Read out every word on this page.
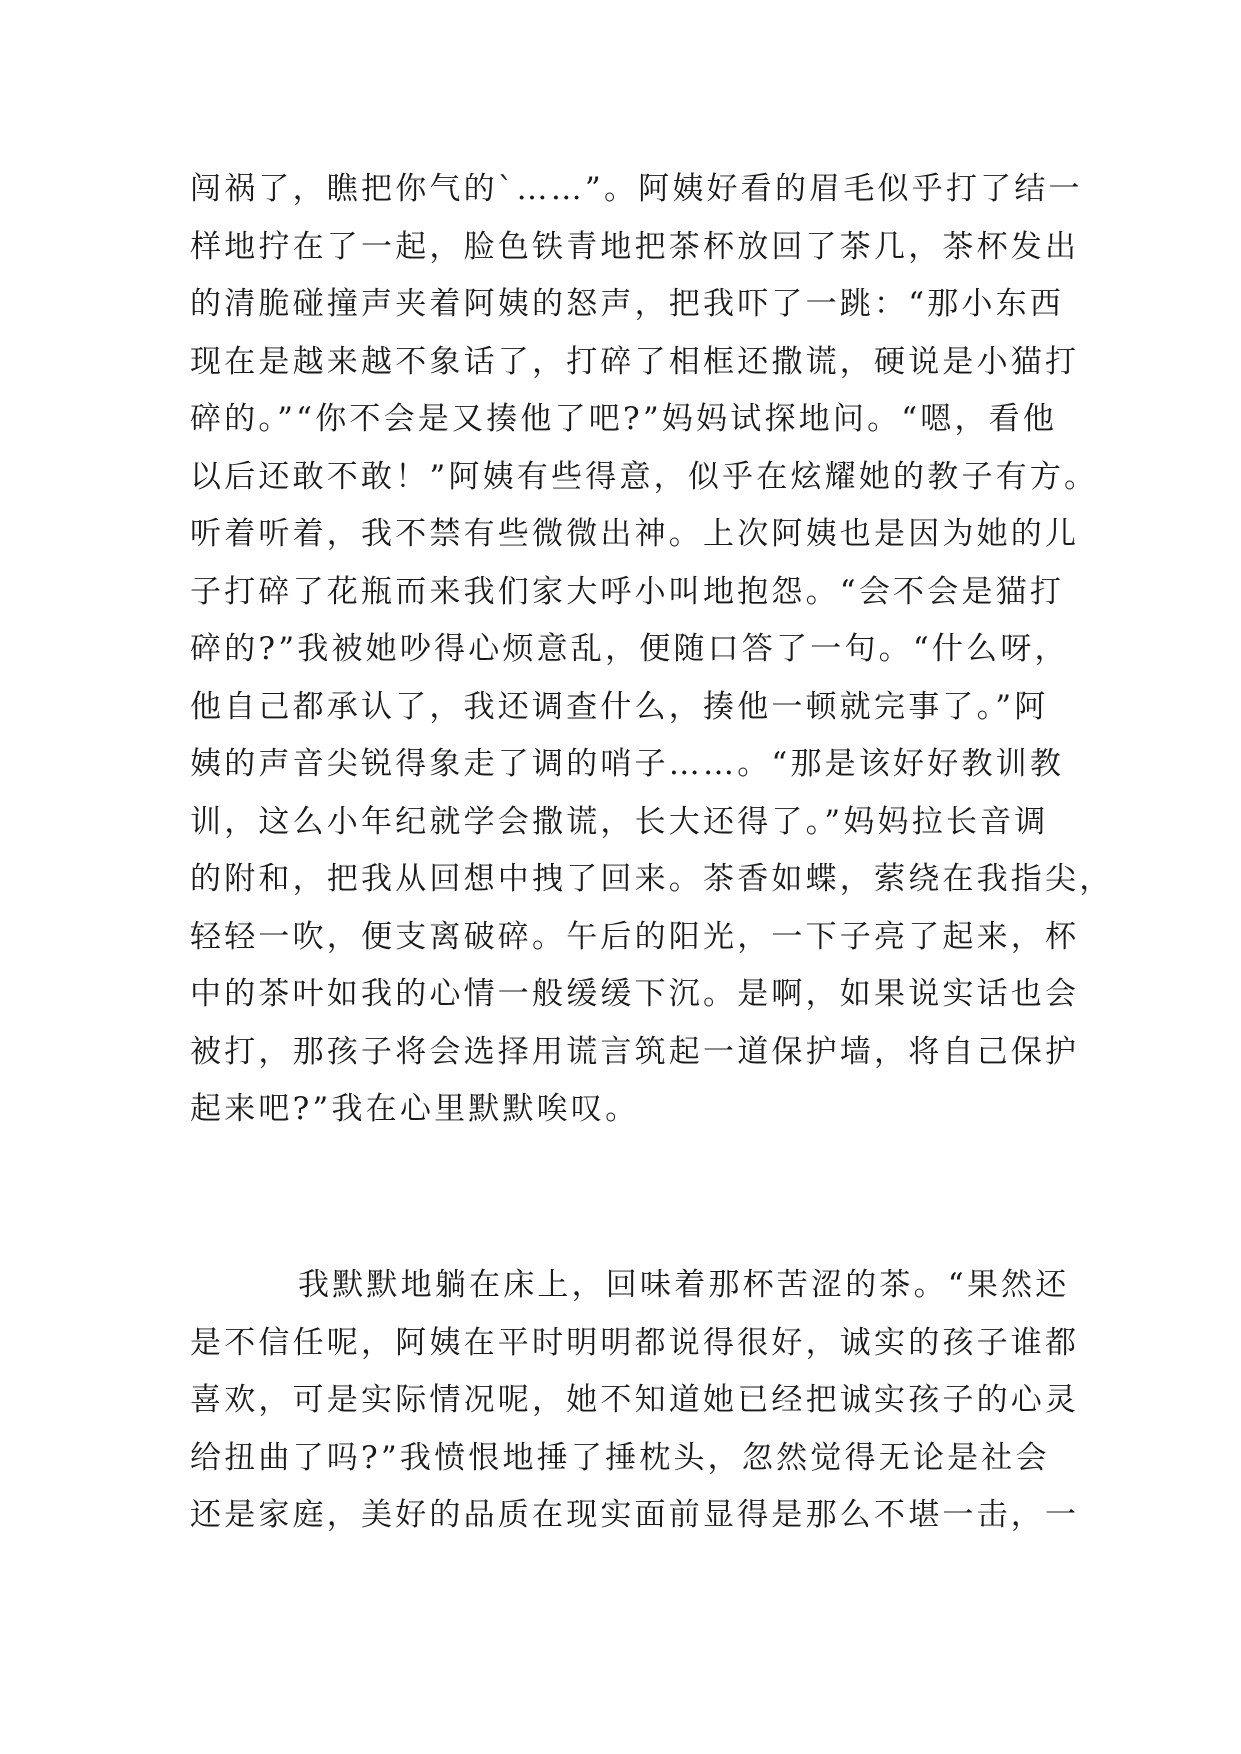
闯祸了，瞧把你气的`……”。阿姨好看的眉毛似乎打了结一
样地拧在了一起，脸色铁青地把茶杯放回了茶几，茶杯发出
的清脆碰撞声夹着阿姨的怒声，把我吓了一跳：“那小东西
现在是越来越不象话了，打碎了相框还撒谎，硬说是小猫打
碎的。”“你不会是又揍他了吧?”妈妈试探地问。“嗯，看他
以后还敢不敢！”阿姨有些得意，似乎在炫耀她的教子有方。
听着听着，我不禁有些微微出神。上次阿姨也是因为她的儿
子打碎了花瓶而来我们家大呼小叫地抱怨。“会不会是猫打
碎的?”我被她吵得心烦意乱，便随口答了一句。“什么呀，
他自己都承认了，我还调查什么，揍他一顿就完事了。”阿
姨的声音尖锐得象走了调的哨子……。“那是该好好教训教
训，这么小年纪就学会撒谎，长大还得了。”妈妈拉长音调
的附和，把我从回想中拽了回来。茶香如蝶，萦绕在我指尖，
轻轻一吹，便支离破碎。午后的阳光，一下子亮了起来，杯
中的茶叶如我的心情一般缓缓下沉。是啊，如果说实话也会
被打，那孩子将会选择用谎言筑起一道保护墙，将自己保护
起来吧?”我在心里默默唉叹。
我默默地躺在床上，回味着那杯苦涩的茶。“果然还
是不信任呢，阿姨在平时明明都说得很好，诚实的孩子谁都
喜欢，可是实际情况呢，她不知道她已经把诚实孩子的心灵
给扭曲了吗?”我愤恨地捶了捶枕头，忽然觉得无论是社会
还是家庭，美好的品质在现实面前显得是那么不堪一击，一
